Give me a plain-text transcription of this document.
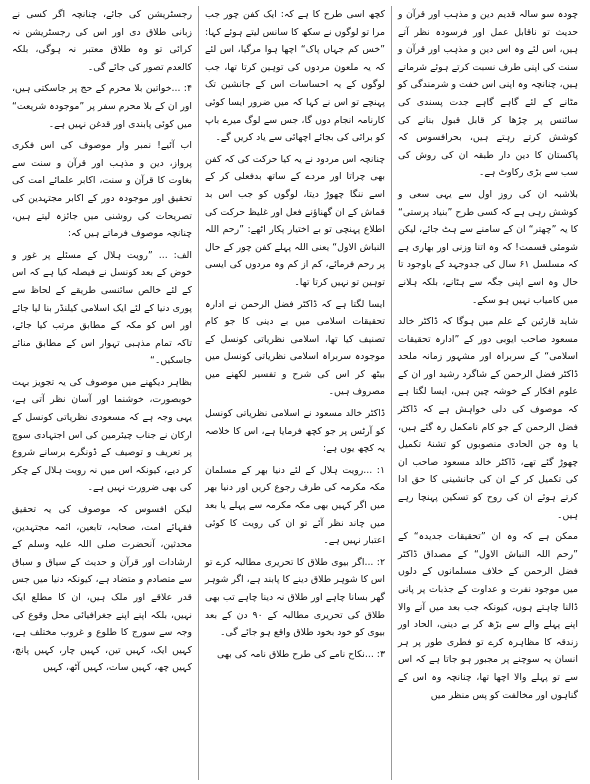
چودہ سو سالہ قدیم دین و مذہب اور قرآن و حدیث تو ناقابل عمل اور فرسودہ نظر آتے ہیں، اس لئے وہ اس دین و مذہب اور قرآن و سنت کی اپنی طرف نسبت کرتے ہوئے شرماتے ہیں، چنانچہ وہ اپنی اس خفت و شرمندگی کو مٹانے کے لئے گاہے گاہے جدت پسندی کی سائنس پر چڑھا کر قابل قبول بنانے کی کوشش کرتے رہتے ہیں، بحرافسوس کہ پاکستان کا دین دار طبقہ ان کی روش کی سب سے بڑی رکاوٹ ہے۔

بلاشبہ ان کی روز اول سے یہی سعی و کوشش رہی ہے کہ کسی طرح ”بنیاد پرستی“ کا یہ ”چھتر“ ان کے سامنے سے ہٹ جائے، لیکن شومئی قسمت! کہ وہ اتنا وزنی اور بھاری ہے کہ مسلسل ۶۱ سال کی جدوجہد کے باوجود تا حال وہ اسے اپنی جگہ سے ہٹانے، بلکہ ہلانے میں کامیاب نہیں ہو سکے۔

شاید قارئین کے علم میں ہوگا کہ ڈاکٹر خالد مسعود صاحب ایوبی دور کے ”ادارہ تحقیقات اسلامی“ کے سربراہ اور مشہور زمانہ ملحد ڈاکٹر فضل الرحمن کے شاگرد رشید اور ان کے علوم افکار کے خوشہ چین ہیں، ایسا لگتا ہے کہ موصوف کی دلی خواہش ہے کہ ڈاکٹر فضل الرحمن کے جو کام نامکمل رہ گئے ہیں، یا وہ جن الحادی منصوبوں کو تشنۂ تکمیل چھوڑ گئے تھے، ڈاکٹر خالد مسعود صاحب ان کی تکمیل کر کے ان کی جانشینی کا حق ادا کرتے ہوئے ان کی روح کو تسکین پہنچا رہے ہیں۔

ممکن ہے کہ وہ ان ”تحقیقات جدیدہ“ کے ”رحم اللہ النباش الاول“ کے مصداق ڈاکٹر فضل الرحمن کے خلاف مسلمانوں کے دلوں میں موجود نفرت و عداوت کے جذبات پر پانی ڈالنا چاہتے ہوں، کیونکہ جب بعد میں آنے والا اپنے پہلے والے سے بڑھ کر بے دینی، الحاد اور زندقہ کا مظاہرہ کرے تو فطری طور پر ہر انسان یہ سوچنے پر مجبور ہو جاتا ہے کہ اس سے تو پہلے والا اچھا تھا، چنانچہ وہ اس کے گناہوں اور مخالفت کو پس منظر میں

کچھ اسی طرح کا ہے کہ: ایک کفن چور جب مرا تو لوگوں نے سکھ کا سانس لیتے ہوئے کہا: ”خس کم جہاں پاک“ اچھا ہوا مرگیا، اس لئے کہ یہ ملعون مردوں کی توہین کرتا تھا، جب لوگوں کے یہ احساسات اس کے جانشین تک پہنچے تو اس نے کہا کہ میں ضرور ایسا کوئی کارنامہ انجام دوں گا، جس سے لوگ میرے باپ کو برائی کی بجائے اچھائی سے یاد کریں گے۔

چنانچہ اس مردود نے یہ کیا حرکت کی کہ کفن بھی چراتا اور مردے کے ساتھ بدفعلی کر کے اسے ننگا چھوڑ دیتا، لوگوں کو جب اس بد قماش کے ان گھناؤنے فعل اور غلیظ حرکت کی اطلاع پہنچی تو بے اختیار پکار اٹھے: ”رحم اللہ النباش الاول“ یعنی اللہ پہلے کفن چور کے حال پر رحم فرمائے، کم از کم وہ مردوں کی ایسی توہین تو نہیں کرتا تھا۔

ایسا لگتا ہے کہ ڈاکٹر فضل الرحمن نے ادارہ تحقیقات اسلامی میں بے دینی کا جو کام تصنیف کیا تھا، اسلامی نظریاتی کونسل کے موجودہ سربراہ اسلامی نظریاتی کونسل میں بیٹھ کر اس کی شرح و تفسیر لکھنے میں مصروف ہیں۔

ڈاکٹر خالد مسعود نے اسلامی نظریاتی کونسل کو آرٹس پر جو کچھ فرمایا ہے، اس کا خلاصہ یہ کچھ یوں ہے:

۱: ...رویت ہلال کے لئے دنیا بھر کے مسلمان مکہ مکرمہ کی طرف رجوع کریں اور دنیا بھر میں اگر کہیں بھی مکہ مکرمہ سے پہلے یا بعد میں چاند نظر آئے تو ان کی رویت کا کوئی اعتبار نہیں ہے۔

۲: ...اگر بیوی طلاق کا تحریری مطالبہ کرے تو اس کا شوہر طلاق دینے کا پابند ہے، اگر شوہر گھر بسانا چاہے اور طلاق نہ دینا چاہے تب بھی طلاق کی تحریری مطالبہ کے ۹۰ دن کے بعد بیوی کو خود بخود طلاق واقع ہو جائے گی۔

۳: ...نکاح نامے کی طرح طلاق نامہ کی بھی

رجسٹریشن کی جائے، چنانچہ اگر کسی نے زبانی طلاق دی اور اس کی رجسٹریشن نہ کرائی تو وہ طلاق معتبر نہ ہوگی، بلکہ کالعدم تصور کی جائے گی۔

۴: ...خواتین بلا محرم کے حج پر جاسکتی ہیں، اور ان کے بلا محرم سفر پر ”موجودہ شریعت“ میں کوئی پابندی اور قدغن نہیں ہے۔

اب آئیے! نمبر وار موصوف کی اس فکری پرواز، دین و مذہب اور قرآن و سنت سے بغاوت کا قرآن و سنت، اکابر علمائے امت کی تحقیق اور موجودہ دور کے اکابر مجتہدین کی تصریحات کی روشنی میں جائزہ لیتے ہیں، چنانچہ موصوف فرماتے ہیں کہ:

الف: ... ”رویت ہلال کے مسئلے پر غور و خوض کے بعد کونسل نے فیصلہ کیا ہے کہ اس کے لئے خالص سائنسی طریقے کے لحاظ سے پوری دنیا کے لئے ایک اسلامی کیلنڈر بنا لیا جائے اور اس کو مکہ کے مطابق مرتب کیا جائے، تاکہ تمام مذہبی تہوار اس کے مطابق منائے جاسکیں۔“

بظاہر دیکھنے میں موصوف کی یہ تجویز بہت خوبصورت، خوشنما اور آسان نظر آتی ہے، یہی وجہ ہے کہ مسعودی نظریاتی کونسل کے ارکان نے جناب چیئرمین کی اس اجتہادی سوچ پر تعریف و توصیف کے ڈونگرے برسانے شروع کر دیے، کیونکہ اس میں نہ رویت ہلال کے چکر کی بھی ضرورت نہیں ہے۔

لیکن افسوس کہ موصوف کی یہ تحقیق فقہائے امت، صحابہ، تابعین، ائمہ مجتہدین، محدثین، آنحضرت صلی اللہ علیہ وسلم کے ارشادات اور قرآن و حدیث کے سیاق و سباق سے متصادم و متضاد ہے، کیونکہ دنیا میں جس قدر علاقے اور ملک ہیں، ان کا مطلع ایک نہیں، بلکہ اپنے اپنے جغرافیائی محل وقوع کی وجہ سے سورج کا طلوع و غروب مختلف ہے، کہیں ایک، کہیں تین، کہیں چار، کہیں پانچ، کہیں چھ، کہیں سات، کہیں آٹھ، کہیں
